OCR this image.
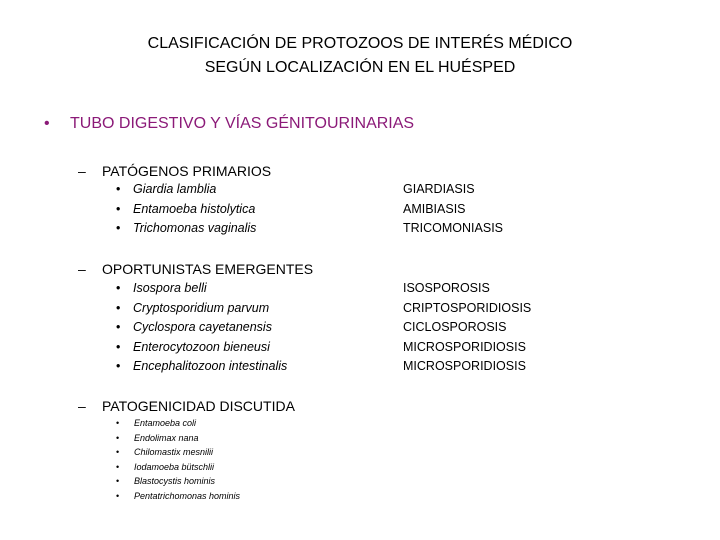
CLASIFICACIÓN DE PROTOZOOS DE INTERÉS MÉDICO
SEGÚN LOCALIZACIÓN EN EL HUÉSPED
• TUBO DIGESTIVO Y VÍAS GÉNITOURINARIAS
– PATÓGENOS PRIMARIOS
• Giardia lamblia
• Entamoeba histolytica
• Trichomonas vaginalis
GIARDIASIS
AMIBIASIS
TRICOMONIASIS
– OPORTUNISTAS EMERGENTES
• Isospora belli
• Cryptosporidium parvum
• Cyclospora cayetanensis
• Enterocytozoon bieneusi
• Encephalitozoon intestinalis
ISOSPOROSIS
CRIPTOSPORIDIOSIS
CICLOSPOROSIS
MICROSPORIDIOSIS
MICROSPORIDIOSIS
– PATOGENICIDAD DISCUTIDA
• Entamoeba coli
• Endolimax nana
• Chilomastix mesnilii
• Iodamoeba bütschlii
• Blastocystis hominis
• Pentatrichomonas hominis
